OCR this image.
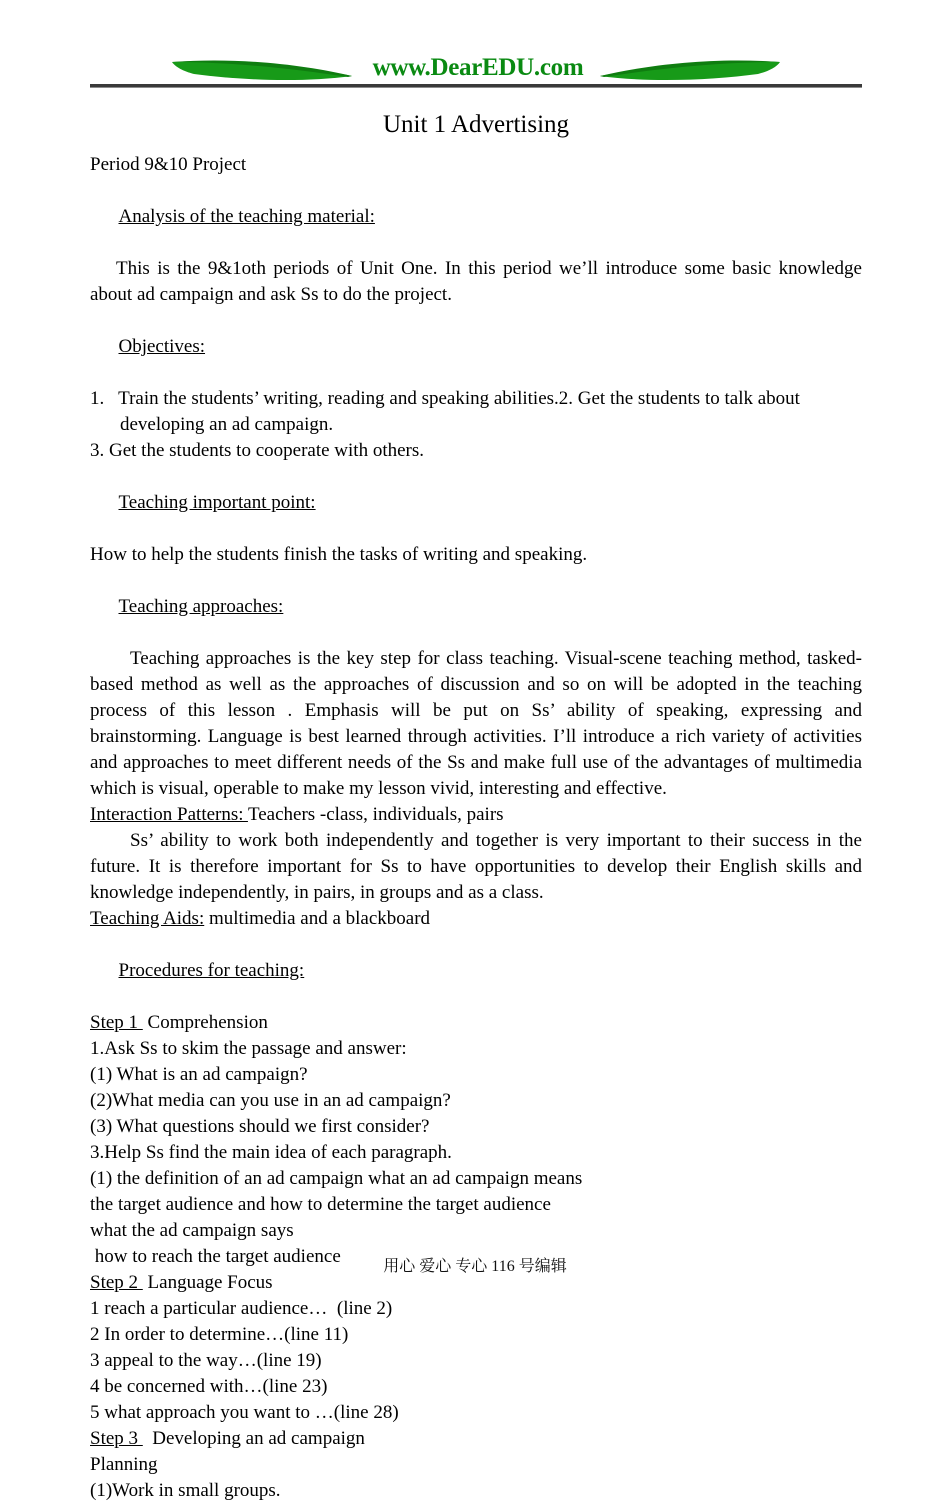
www.DearEDU.com
Unit 1 Advertising
Period 9&10 Project

Analysis of the teaching material:

This is the 9&1oth periods of Unit One. In this period we’ll introduce some basic knowledge about ad campaign and ask Ss to do the project.

Objectives:

1.   Train the students’ writing, reading and speaking abilities.2. Get the students to talk about
developing an ad campaign.
3. Get the students to cooperate with others.

Teaching important point:

How to help the students finish the tasks of writing and speaking.

Teaching approaches:

Teaching approaches is the key step for class teaching. Visual-scene teaching method, tasked-based method as well as the approaches of discussion and so on will be adopted in the teaching process of this lesson . Emphasis will be put on Ss’ ability of speaking, expressing and brainstorming. Language is best learned through activities. I’ll introduce a rich variety of activities and approaches to meet different needs of the Ss and make full use of the advantages of multimedia which is visual, operable to make my lesson vivid, interesting and effective.
Interaction Patterns: Teachers -class, individuals, pairs
Ss’ ability to work both independently and together is very important to their success in the future. It is therefore important for Ss to have opportunities to develop their English skills and knowledge independently, in pairs, in groups and as a class.
Teaching Aids: multimedia and a blackboard

Procedures for teaching:

Step 1  Comprehension
1.Ask Ss to skim the passage and answer:
(1) What is an ad campaign?
(2)What media can you use in an ad campaign?
(3) What questions should we first consider?
3.Help Ss find the main idea of each paragraph.
(1) the definition of an ad campaign what an ad campaign means
the target audience and how to determine the target audience
what the ad campaign says
how to reach the target audience
Step 2  Language Focus
1 reach a particular audience…  (line 2)
2 In order to determine…(line 11)
3 appeal to the way…(line 19)
4 be concerned with…(line 23)
5 what approach you want to …(line 28)
Step 3   Developing an ad campaign
Planning
(1)Work in small groups.
用心 爱心 专心 116 号编辑
